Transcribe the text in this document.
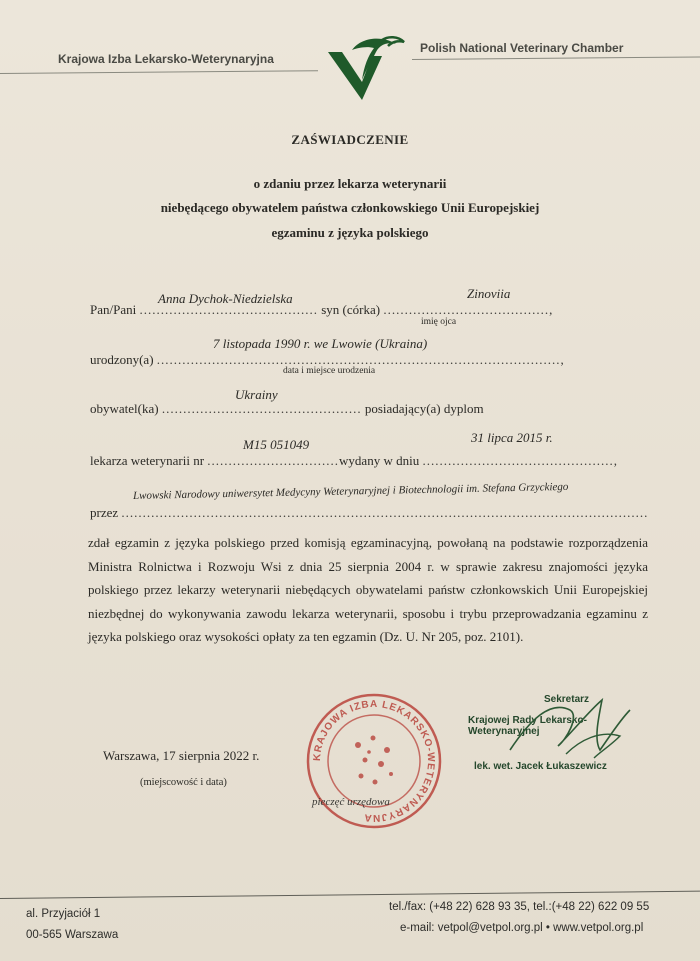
Krajowa Izba Lekarsko-Weterynaryjna
Polish National Veterinary Chamber
ZAŚWIADCZENIE
o zdaniu przez lekarza weterynarii
niebędącego obywatelem państwa członkowskiego Unii Europejskiej
egzaminu z języka polskiego
Pan/Pani .......................................... syn (córka) .......................................,
Anna Dychok-Niedzielska	Zinoviia
imię ojca
urodzony(a) ...............................................................................................,
7 listopada 1990 r. we Lwowie (Ukraina)
data i miejsce urodzenia
obywatel(ka) ............................................... posiadający(a) dyplom
Ukrainy
lekarza weterynarii nr ...............................wydany w dniu .............................................,
M15 051049	31 lipca 2015 r.
przez ............................................................................................................................
Lwowski Narodowy uniwersytet Medycyny Weterynaryjnej i Biotechnologii im. Stefana Grzyckiego
zdał egzamin z języka polskiego przed komisją egzaminacyjną, powołaną na podstawie rozporządzenia Ministra Rolnictwa i Rozwoju Wsi z dnia 25 sierpnia 2004 r. w sprawie zakresu znajomości języka polskiego przez lekarzy weterynarii niebędących obywatelami państw członkowskich Unii Europejskiej niezbędnej do wykonywania zawodu lekarza weterynarii, sposobu i trybu przeprowadzania egzaminu z języka polskiego oraz wysokości opłaty za ten egzamin (Dz. U. Nr 205, poz. 2101).
Warszawa, 17 sierpnia 2022 r.
(miejscowość i data)
KRAJOWA IZBA LEKARSKO-WETERYNARYJNA
pieczęć urzędowa
Sekretarz
Krajowej Rady Lekarsko-Weterynaryjnej
lek. wet. Jacek Łukaszewicz
al. Przyjaciół 1
00-565 Warszawa
tel./fax: (+48 22) 628 93 35, tel.:(+48 22) 622 09 55
e-mail: vetpol@vetpol.org.pl • www.vetpol.org.pl
